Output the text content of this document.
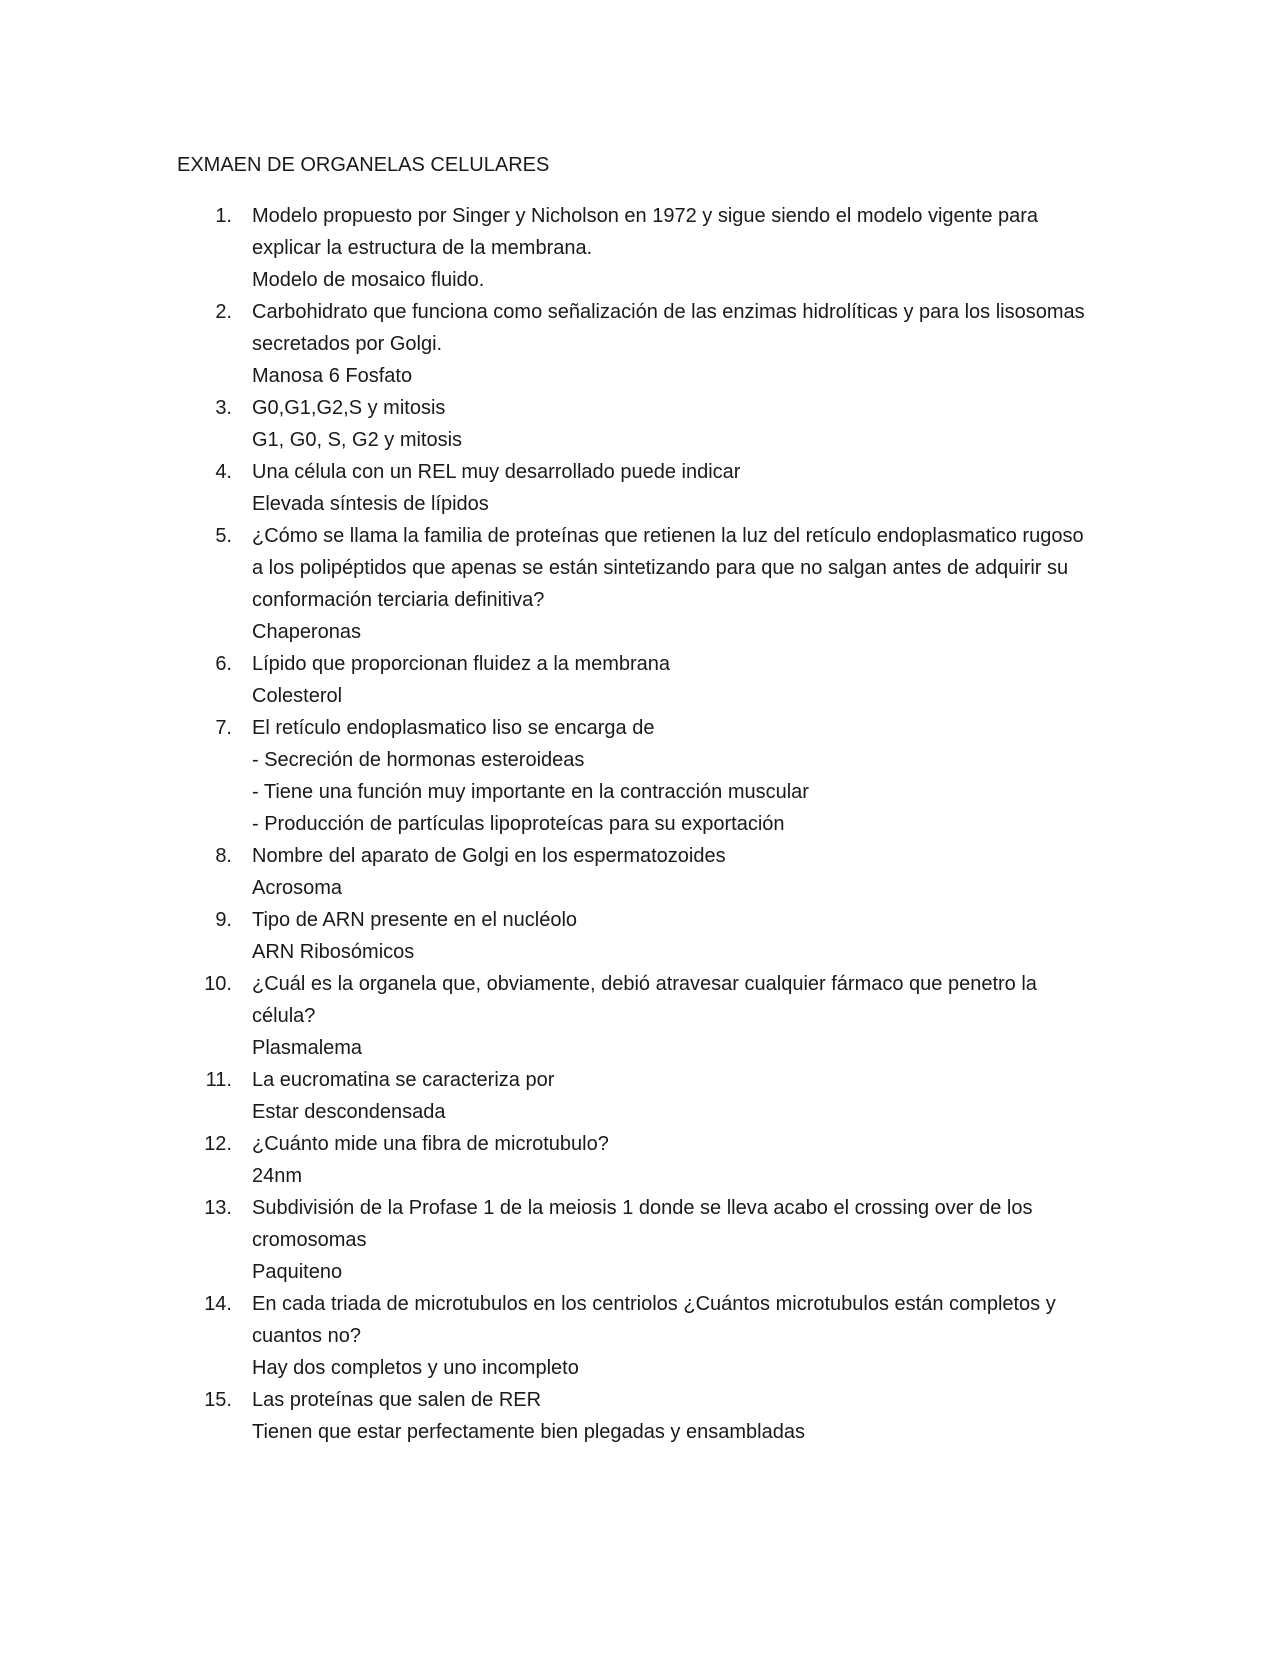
EXMAEN DE ORGANELAS CELULARES
1. Modelo propuesto por Singer y Nicholson en 1972 y sigue siendo el modelo vigente para explicar la estructura de la membrana.
Modelo de mosaico fluido.
2. Carbohidrato que funciona como señalización de las enzimas hidrolíticas y para los lisosomas secretados por Golgi.
Manosa 6 Fosfato
3. G0,G1,G2,S y mitosis
G1, G0, S, G2 y mitosis
4. Una célula con un REL muy desarrollado puede indicar
Elevada síntesis de lípidos
5. ¿Cómo se llama la familia de proteínas que retienen la luz del retículo endoplasmatico rugoso a los polipéptidos que apenas se están sintetizando para que no salgan antes de adquirir su conformación terciaria definitiva?
Chaperonas
6. Lípido que proporcionan fluidez a la membrana
Colesterol
7. El retículo endoplasmatico liso se encarga de
- Secreción de hormonas esteroideas
- Tiene una función muy importante en la contracción muscular
- Producción de partículas lipoproteícas para su exportación
8. Nombre del aparato de Golgi en los espermatozoides
Acrosoma
9. Tipo de ARN presente en el nucléolo
ARN Ribosómicos
10. ¿Cuál es la organela que, obviamente, debió atravesar cualquier fármaco que penetro la célula?
Plasmalema
11. La eucromatina se caracteriza por
Estar descondensada
12. ¿Cuánto mide una fibra de microtubulo?
24nm
13. Subdivisión de la Profase 1 de la meiosis 1 donde se lleva acabo el crossing over de los cromosomas
Paquiteno
14. En cada triada de microtubulos en los centriolos ¿Cuántos microtubulos están completos y cuantos no?
Hay dos completos y uno incompleto
15. Las proteínas que salen de RER
Tienen que estar perfectamente bien plegadas y ensambladas
